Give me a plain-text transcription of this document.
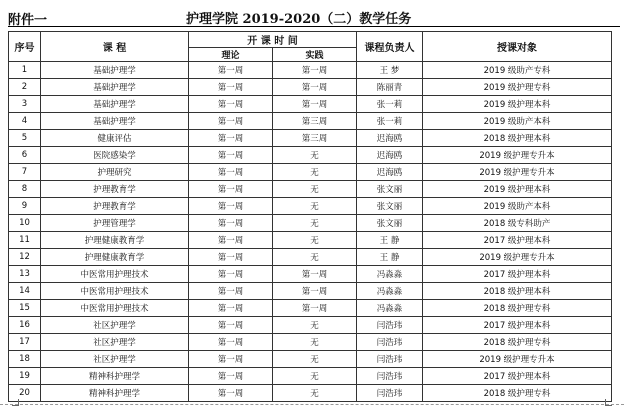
附件一	护理学院 2019-2020（二）教学任务
序号	课 程	开 课 时 间		课程负责人	授课对象
		理论	实践		
1	基础护理学	第一周	第一周	王 梦	2019 级助产专科
2	基础护理学	第一周	第一周	陈丽青	2019 级护理专科
3	基础护理学	第一周	第一周	张一莉	2019 级护理本科
4	基础护理学	第一周	第三周	张一莉	2019 级助产本科
5	健康评估	第一周	第三周	迟海鸥	2018 级护理本科
6	医院感染学	第一周	无	迟海鸥	2019 级护理专升本
7	护理研究	第一周	无	迟海鸥	2019 级护理专升本
8	护理教育学	第一周	无	张文丽	2019 级护理本科
9	护理教育学	第一周	无	张文丽	2019 级助产本科
10	护理管理学	第一周	无	张文丽	2018 级专科助产
11	护理健康教育学	第一周	无	王 静	2017 级护理本科
12	护理健康教育学	第一周	无	王 静	2019 级护理专升本
13	中医常用护理技术	第一周	第一周	冯淼淼	2017 级护理本科
14	中医常用护理技术	第一周	第一周	冯淼淼	2018 级护理本科
15	中医常用护理技术	第一周	第一周	冯淼淼	2018 级护理专科
16	社区护理学	第一周	无	闫浩玮	2017 级护理本科
17	社区护理学	第一周	无	闫浩玮	2018 级护理专科
18	社区护理学	第一周	无	闫浩玮	2019 级护理专升本
19	精神科护理学	第一周	无	闫浩玮	2017 级护理本科
20	精神科护理学	第一周	无	闫浩玮	2018 级护理专科
